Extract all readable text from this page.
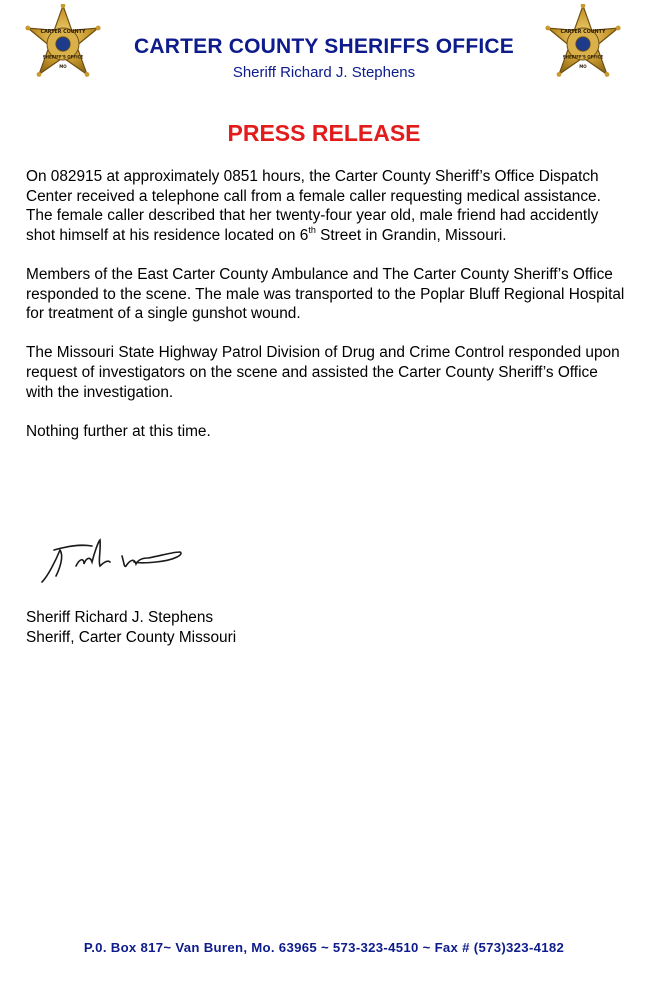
CARTER COUNTY
SHERIFF'S OFFICE
MO
CARTER COUNTY
SHERIFF'S OFFICE
MO
CARTER COUNTY SHERIFFS OFFICE
Sheriff Richard J. Stephens
PRESS RELEASE

On 082915 at approximately 0851 hours, the Carter County Sheriff’s Office Dispatch Center received a telephone call from a female caller requesting medical assistance. The female caller described that her twenty-four year old, male friend had accidently shot himself at his residence located on 6th Street in Grandin, Missouri.

Members of the East Carter County Ambulance and The Carter County Sheriff’s Office responded to the scene. The male was transported to the Poplar Bluff Regional Hospital for treatment of a single gunshot wound.

The Missouri State Highway Patrol Division of Drug and Crime Control responded upon request of investigators on the scene and assisted the Carter County Sheriff’s Office with the investigation.

Nothing further at this time.

Sheriff Richard J. Stephens
Sheriff, Carter County Missouri
P.0. Box 817~ Van Buren, Mo. 63965 ~ 573-323-4510 ~ Fax # (573)323-4182
